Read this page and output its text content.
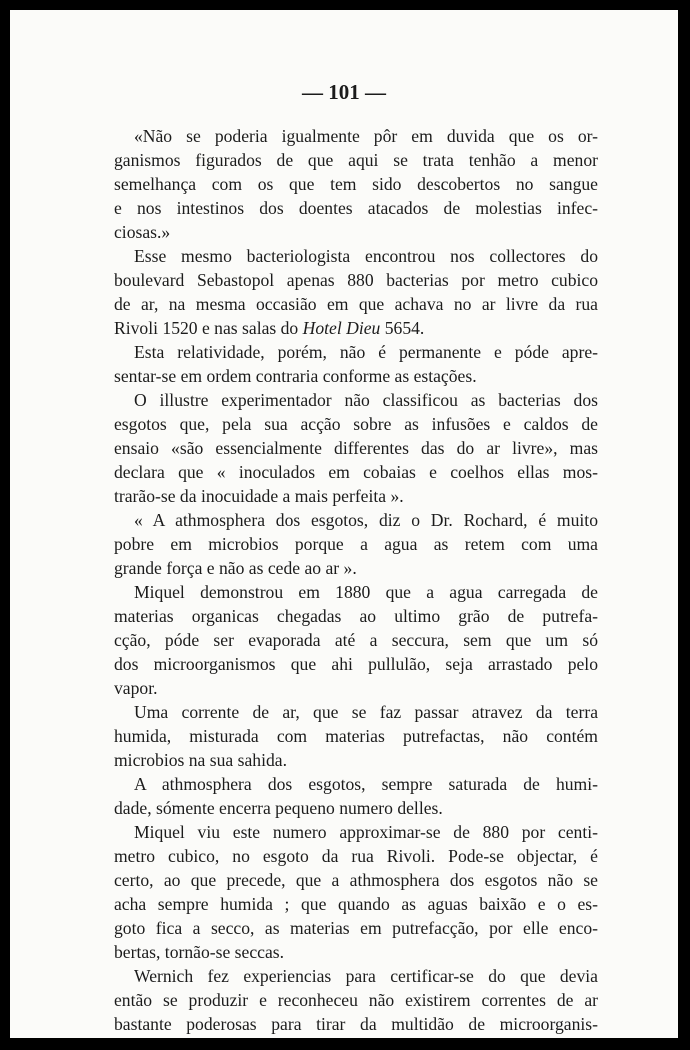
— 101 —
«Não se poderia igualmente pôr em duvida que os or-
ganismos figurados de que aqui se trata tenhão a menor
semelhança com os que tem sido descobertos no sangue
e nos intestinos dos doentes atacados de molestias infec-
ciosas.»
Esse mesmo bacteriologista encontrou nos collectores do
boulevard Sebastopol apenas 880 bacterias por metro cubico
de ar, na mesma occasião em que achava no ar livre da rua
Rivoli 1520 e nas salas do Hotel Dieu 5654.
Esta relatividade, porém, não é permanente e póde apre-
sentar-se em ordem contraria conforme as estações.
O illustre experimentador não classificou as bacterias dos
esgotos que, pela sua acção sobre as infusões e caldos de
ensaio «são essencialmente differentes das do ar livre», mas
declara que « inoculados em cobaias e coelhos ellas mos-
trarão-se da inocuidade a mais perfeita ».
« A athmosphera dos esgotos, diz o Dr. Rochard, é muito
pobre em microbios porque a agua as retem com uma
grande força e não as cede ao ar ».
Miquel demonstrou em 1880 que a agua carregada de
materias organicas chegadas ao ultimo grão de putrefa-
cção, póde ser evaporada até a seccura, sem que um só
dos microorganismos que ahi pullulão, seja arrastado pelo
vapor.
Uma corrente de ar, que se faz passar atravez da terra
humida, misturada com materias putrefactas, não contém
microbios na sua sahida.
A athmosphera dos esgotos, sempre saturada de humi-
dade, sómente encerra pequeno numero delles.
Miquel viu este numero approximar-se de 880 por centi-
metro cubico, no esgoto da rua Rivoli. Pode-se objectar, é
certo, ao que precede, que a athmosphera dos esgotos não se
acha sempre humida ; que quando as aguas baixão e o es-
goto fica a secco, as materias em putrefacção, por elle enco-
bertas, tornão-se seccas.
Wernich fez experiencias para certificar-se do que devia
então se produzir e reconheceu não existirem correntes de ar
bastante poderosas para tirar da multidão de microorganis-
